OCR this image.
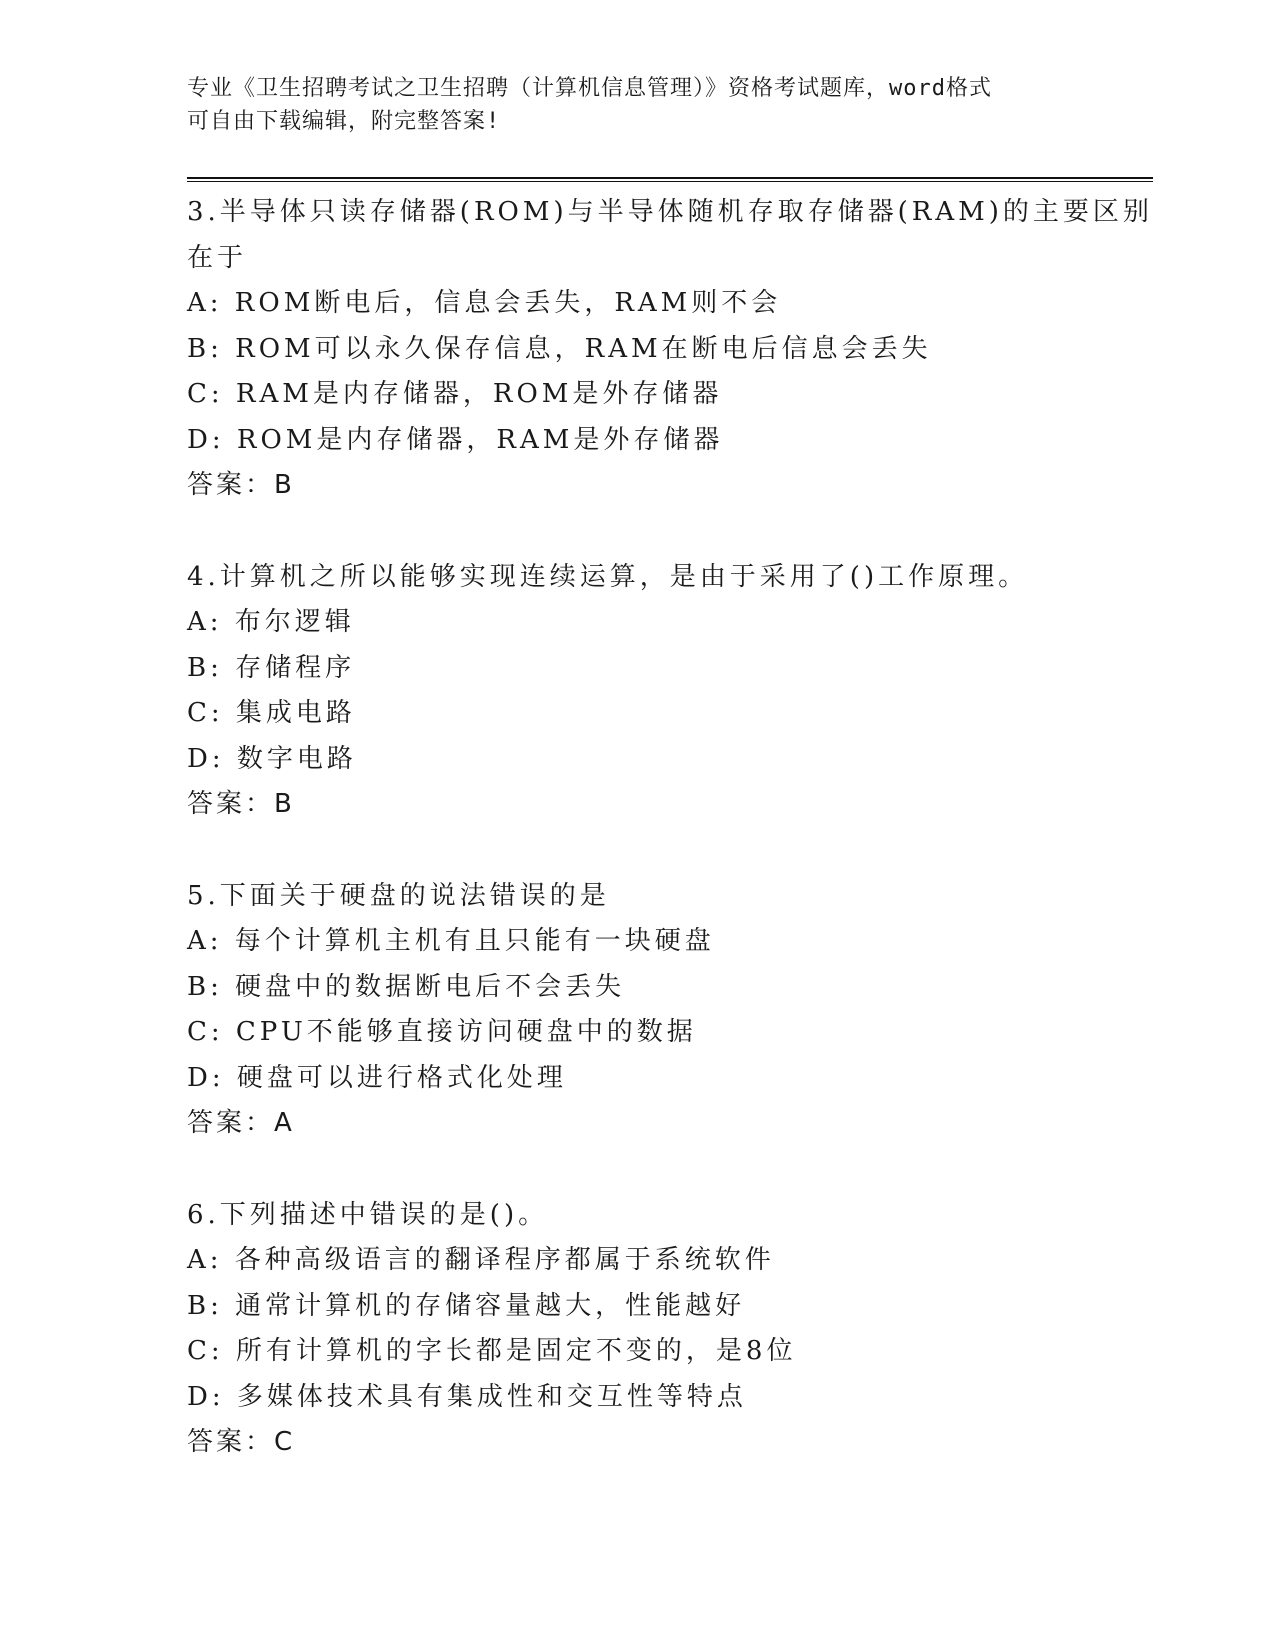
专业《卫生招聘考试之卫生招聘（计算机信息管理）》资格考试题库，word格式
可自由下载编辑，附完整答案!
3.半导体只读存储器(ROM)与半导体随机存取存储器(RAM)的主要区别
在于
A: ROM断电后，信息会丢失，RAM则不会
B: ROM可以永久保存信息，RAM在断电后信息会丢失
C: RAM是内存储器，ROM是外存储器
D: ROM是内存储器，RAM是外存储器
答案：B
4.计算机之所以能够实现连续运算，是由于采用了()工作原理。
A: 布尔逻辑
B: 存储程序
C: 集成电路
D: 数字电路
答案：B
5.下面关于硬盘的说法错误的是
A: 每个计算机主机有且只能有一块硬盘
B: 硬盘中的数据断电后不会丢失
C: CPU不能够直接访问硬盘中的数据
D: 硬盘可以进行格式化处理
答案：A
6.下列描述中错误的是()。
A: 各种高级语言的翻译程序都属于系统软件
B: 通常计算机的存储容量越大，性能越好
C: 所有计算机的字长都是固定不变的，是8位
D: 多媒体技术具有集成性和交互性等特点
答案：C
